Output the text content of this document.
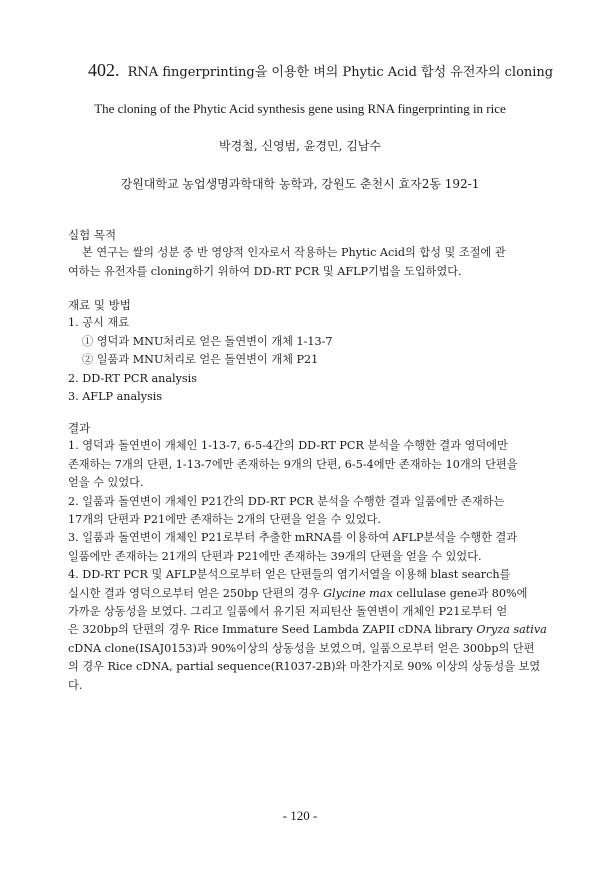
402. RNA fingerprinting을 이용한 벼의 Phytic Acid 합성 유전자의 cloning
The cloning of the Phytic Acid synthesis gene using RNA fingerprinting in rice
박경철, 신영범, 윤경민, 김남수
강원대학교 농업생명과학대학 농학과, 강원도 춘천시 효자2동 192-1

실험 목적

본 연구는 쌀의 성분 중 반 영양적 인자로서 작용하는 Phytic Acid의 합성 및 조절에 관

여하는 유전자를 cloning하기 위하여 DD-RT PCR 및 AFLP기법을 도입하였다.

재료 및 방법

1. 공시 재료

① 영덕과 MNU처리로 얻은 돌연변이 개체 1-13-7

② 일품과 MNU처리로 얻은 돌연변이 개체 P21

2. DD-RT PCR analysis

3. AFLP analysis

결과

1. 영덕과 돌연변이 개체인 1-13-7, 6-5-4간의 DD-RT PCR 분석을 수행한 결과 영덕에만

존재하는 7개의 단편, 1-13-7에만 존재하는 9개의 단편, 6-5-4에만 존재하는 10개의 단편을

얻을 수 있었다.

2. 일품과 돌연변이 개체인 P21간의 DD-RT PCR 분석을 수행한 결과 일품에만 존재하는

17개의 단편과 P21에만 존재하는 2개의 단편을 얻을 수 있었다.

3. 일품과 돌연변이 개체인 P21로부터 추출한 mRNA를 이용하여 AFLP분석을 수행한 결과

일품에만 존재하는 21개의 단편과 P21에만 존재하는 39개의 단편을 얻을 수 있었다.

4. DD-RT PCR 및 AFLP분석으로부터 얻은 단편들의 염기서열을 이용해 blast search를

실시한 결과 영덕으로부터 얻은 250bp 단편의 경우 Glycine max cellulase gene과 80%에

가까운 상동성을 보였다. 그리고 일품에서 유기된 저피틴산 돌연변이 개체인 P21로부터 얻

은 320bp의 단편의 경우 Rice Immature Seed Lambda ZAPII cDNA library Oryza sativa

cDNA clone(ISAJ0153)과 90%이상의 상동성을 보였으며, 일품으로부터 얻은 300bp의 단편

의 경우 Rice cDNA, partial sequence(R1037-2B)와 마찬가지로 90% 이상의 상동성을 보였

다.

- 120 -
